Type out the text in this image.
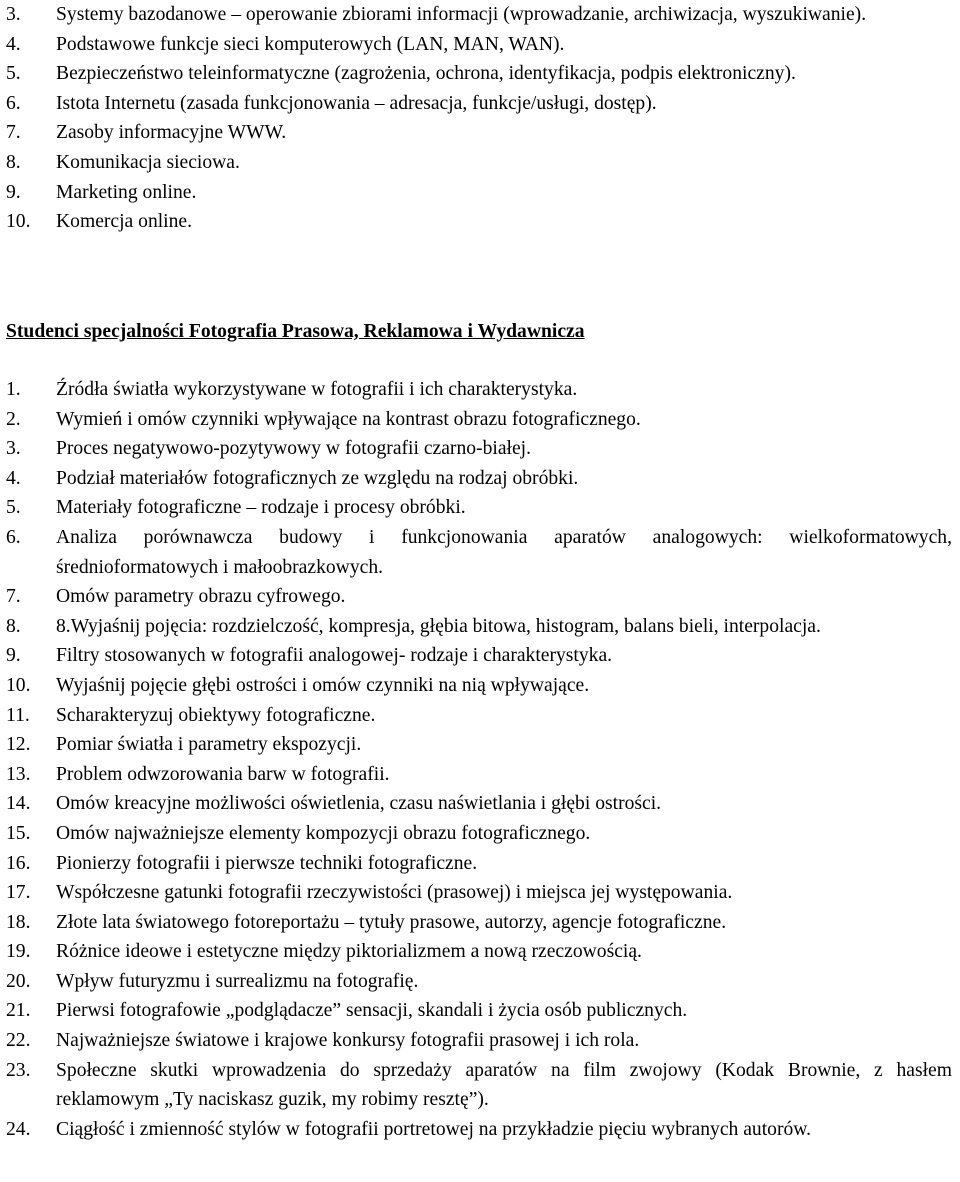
3.	Systemy bazodanowe – operowanie zbiorami informacji (wprowadzanie, archiwizacja, wyszukiwanie).
4.	Podstawowe funkcje sieci komputerowych (LAN, MAN, WAN).
5.	Bezpieczeństwo teleinformatyczne (zagrożenia, ochrona, identyfikacja, podpis elektroniczny).
6.	Istota Internetu (zasada funkcjonowania – adresacja, funkcje/usługi, dostęp).
7.	Zasoby informacyjne WWW.
8.	Komunikacja sieciowa.
9.	Marketing online.
10.	Komercja online.
Studenci specjalności Fotografia Prasowa, Reklamowa i Wydawnicza
1.	Źródła światła wykorzystywane w fotografii i ich charakterystyka.
2.	Wymień i omów czynniki wpływające na kontrast obrazu fotograficznego.
3.	Proces negatywowo-pozytywowy w fotografii czarno-białej.
4.	Podział materiałów fotograficznych ze względu na rodzaj obróbki.
5.	Materiały fotograficzne – rodzaje i procesy obróbki.
6.	Analiza porównawcza budowy i funkcjonowania aparatów analogowych: wielkoformatowych, średnioformatowych i małoobrazkowych.
7.	Omów parametry obrazu cyfrowego.
8.	8.Wyjaśnij pojęcia: rozdzielczość, kompresja, głębia bitowa, histogram, balans bieli, interpolacja.
9.	Filtry stosowanych w fotografii analogowej- rodzaje i charakterystyka.
10.	Wyjaśnij pojęcie głębi ostrości i omów czynniki na nią wpływające.
11.	Scharakteryzuj obiektywy fotograficzne.
12.	Pomiar światła i parametry ekspozycji.
13.	Problem odwzorowania barw w fotografii.
14.	Omów kreacyjne możliwości oświetlenia, czasu naświetlania i głębi ostrości.
15.	Omów najważniejsze elementy kompozycji obrazu fotograficznego.
16.	Pionierzy fotografii i pierwsze techniki fotograficzne.
17.	Współczesne gatunki fotografii rzeczywistości (prasowej) i miejsca jej występowania.
18.	Złote lata światowego fotoreportażu – tytuły prasowe, autorzy, agencje fotograficzne.
19.	Różnice ideowe i estetyczne między piktorializmem a nową rzeczowością.
20.	Wpływ futuryzmu i surrealizmu na fotografię.
21.	Pierwsi fotografowie „podglądacze” sensacji, skandali i życia osób publicznych.
22.	Najważniejsze światowe i krajowe konkursy fotografii prasowej i ich rola.
23.	Społeczne skutki wprowadzenia do sprzedaży aparatów na film zwojowy (Kodak Brownie, z hasłem reklamowym „Ty naciskasz guzik, my robimy resztę”).
24.	Ciągłość i zmienność stylów w fotografii portretowej na przykładzie pięciu wybranych autorów.
